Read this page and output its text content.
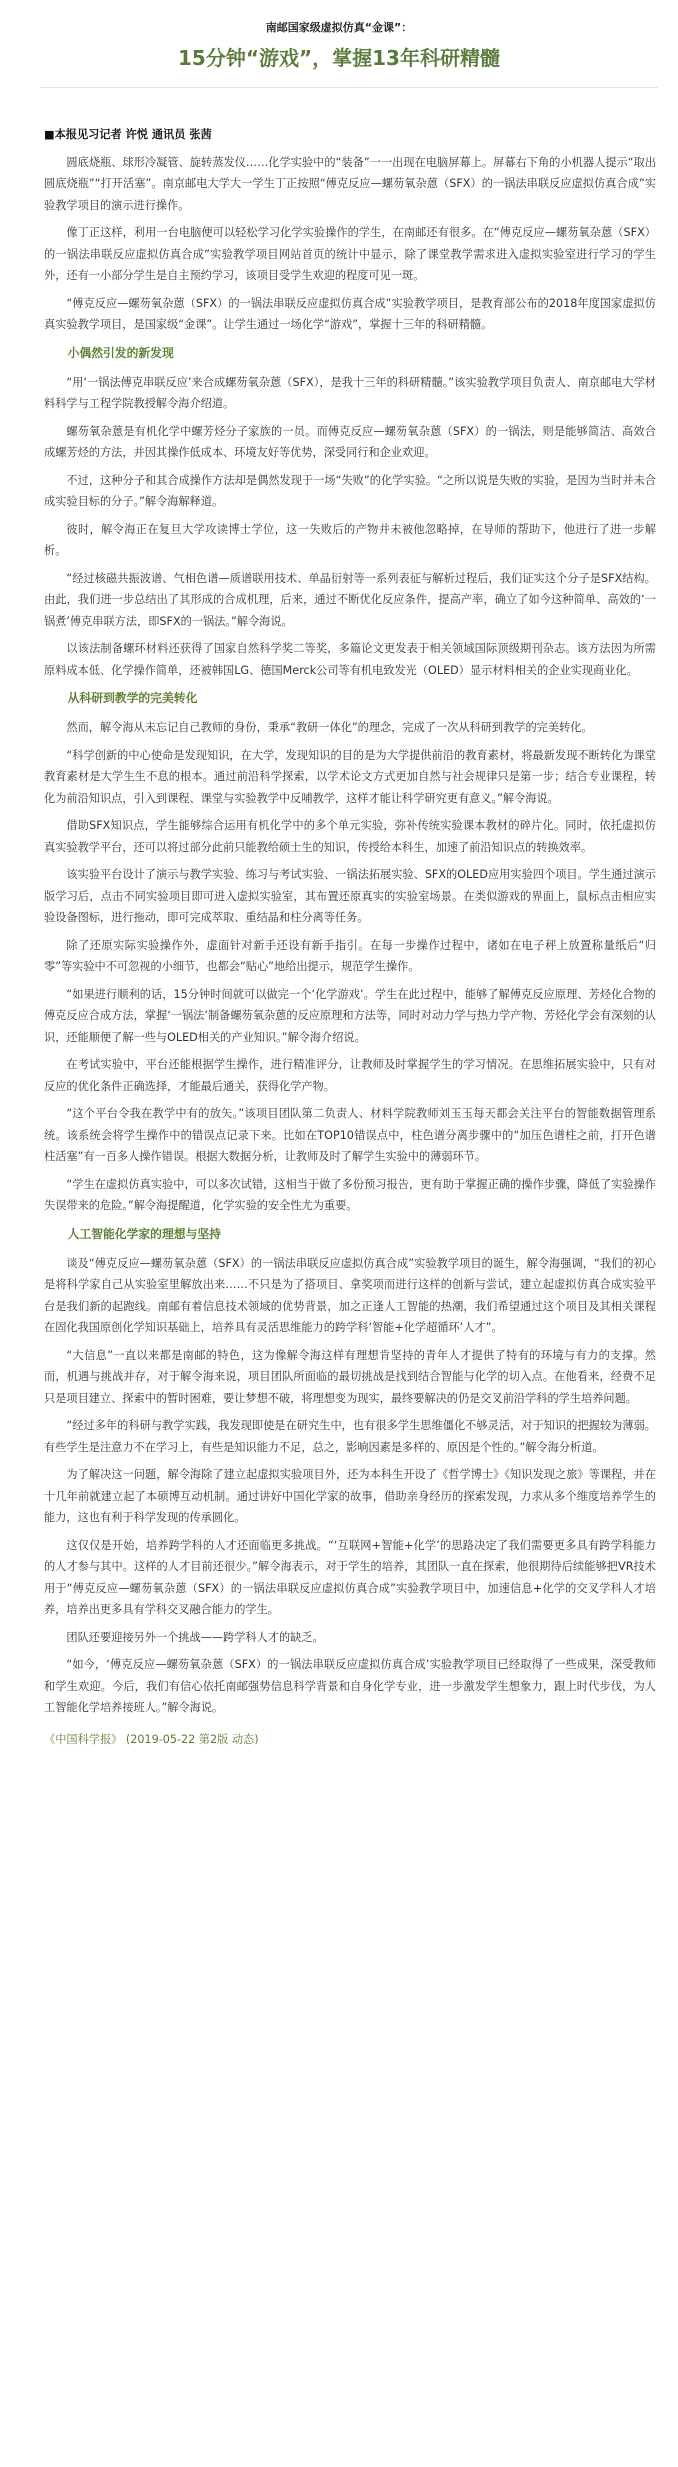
南邮国家级虚拟仿真“金课”：

15分钟“游戏”，掌握13年科研精髓

■本报见习记者 许悦 通讯员 张茜

圆底烧瓶、球形冷凝管、旋转蒸发仪……化学实验中的“装备”一一出现在电脑屏幕上。屏幕右下角的小机器人提示“取出圆底烧瓶”“打开活塞”。南京邮电大学大一学生丁正按照“傅克反应—螺芴氧杂蒽（SFX）的一锅法串联反应虚拟仿真合成”实验教学项目的演示进行操作。

像丁正这样，利用一台电脑便可以轻松学习化学实验操作的学生，在南邮还有很多。在“傅克反应—螺芴氧杂蒽（SFX）的一锅法串联反应虚拟仿真合成”实验教学项目网站首页的统计中显示，除了课堂教学需求进入虚拟实验室进行学习的学生外，还有一小部分学生是自主预约学习，该项目受学生欢迎的程度可见一斑。

“傅克反应—螺芴氧杂蒽（SFX）的一锅法串联反应虚拟仿真合成”实验教学项目，是教育部公布的2018年度国家虚拟仿真实验教学项目，是国家级“金课”。让学生通过一场化学“游戏”，掌握十三年的科研精髓。

小偶然引发的新发现

“用‘一锅法傅克串联反应’来合成螺芴氧杂蒽（SFX），是我十三年的科研精髓。”该实验教学项目负责人、南京邮电大学材料科学与工程学院教授解令海介绍道。

螺芴氧杂蒽是有机化学中螺芳烃分子家族的一员。而傅克反应—螺芴氧杂蒽（SFX）的一锅法，则是能够简洁、高效合成螺芳烃的方法，并因其操作低成本、环境友好等优势，深受同行和企业欢迎。

不过，这种分子和其合成操作方法却是偶然发现于一场“失败”的化学实验。“之所以说是失败的实验，是因为当时并未合成实验目标的分子。”解令海解释道。

彼时，解令海正在复旦大学攻读博士学位，这一失败后的产物并未被他忽略掉，在导师的帮助下，他进行了进一步解析。

“经过核磁共振波谱、气相色谱—质谱联用技术、单晶衍射等一系列表征与解析过程后，我们证实这个分子是SFX结构。由此，我们进一步总结出了其形成的合成机理，后来，通过不断优化反应条件，提高产率，确立了如今这种简单、高效的‘一锅煮’傅克串联方法，即SFX的一锅法。”解令海说。

以该法制备螺环材料还获得了国家自然科学奖二等奖，多篇论文更发表于相关领域国际顶级期刊杂志。该方法因为所需原料成本低、化学操作简单，还被韩国LG、德国Merck公司等有机电致发光（OLED）显示材料相关的企业实现商业化。

从科研到教学的完美转化

然而，解令海从未忘记自己教师的身份，秉承“教研一体化”的理念，完成了一次从科研到教学的完美转化。

“科学创新的中心使命是发现知识，在大学，发现知识的目的是为大学提供前沿的教育素材，将最新发现不断转化为课堂教育素材是大学生生不息的根本。通过前沿科学探索，以学术论文方式更加自然与社会规律只是第一步；结合专业课程，转化为前沿知识点，引入到课程、课堂与实验教学中反哺教学，这样才能让科学研究更有意义。”解令海说。

借助SFX知识点，学生能够综合运用有机化学中的多个单元实验，弥补传统实验课本教材的碎片化。同时，依托虚拟仿真实验教学平台，还可以将过部分此前只能教给硕士生的知识，传授给本科生，加速了前沿知识点的转换效率。

该实验平台设计了演示与教学实验、练习与考试实验、一锅法拓展实验、SFX的OLED应用实验四个项目。学生通过演示版学习后，点击不同实验项目即可进入虚拟实验室，其布置还原真实的实验室场景。在类似游戏的界面上，鼠标点击相应实验设备图标，进行拖动，即可完成萃取、重结晶和柱分离等任务。

除了还原实际实验操作外，虚面针对新手还设有新手指引。在每一步操作过程中，诸如在电子秤上放置称量纸后“归零”等实验中不可忽视的小细节，也都会“贴心”地给出提示，规范学生操作。

“如果进行顺利的话，15分钟时间就可以做完一个‘化学游戏’。学生在此过程中，能够了解傅克反应原理、芳烃化合物的傅克反应合成方法，掌握‘一锅法’制备螺芴氧杂蒽的反应原理和方法等，同时对动力学与热力学产物、芳烃化学会有深刻的认识，还能顺便了解一些与OLED相关的产业知识。”解令海介绍说。

在考试实验中，平台还能根据学生操作，进行精准评分，让教师及时掌握学生的学习情况。在思维拓展实验中，只有对反应的优化条件正确选择，才能最后通关，获得化学产物。

“这个平台令我在教学中有的放矢。”该项目团队第二负责人、材料学院教师刘玉玉每天都会关注平台的智能数据管理系统。该系统会将学生操作中的错误点记录下来。比如在TOP10错误点中，柱色谱分离步骤中的“加压色谱柱之前，打开色谱柱活塞”有一百多人操作错误。根据大数据分析，让教师及时了解学生实验中的薄弱环节。

“学生在虚拟仿真实验中，可以多次试错，这相当于做了多份预习报告，更有助于掌握正确的操作步骤，降低了实验操作失误带来的危险。”解令海提醒道，化学实验的安全性尤为重要。

人工智能化学家的理想与坚持

谈及“傅克反应—螺芴氧杂蒽（SFX）的一锅法串联反应虚拟仿真合成”实验教学项目的诞生，解令海强调，“我们的初心是将科学家自己从实验室里解放出来……不只是为了搭项目、拿奖项而进行这样的创新与尝试，建立起虚拟仿真合成实验平台是我们新的起跑线。南邮有着信息技术领域的优势背景，加之正逢人工智能的热潮，我们希望通过这个项目及其相关课程在固化我国原创化学知识基础上，培养具有灵活思维能力的跨学科‘智能+化学超循环’人才”。

“大信息”一直以来都是南邮的特色，这为像解令海这样有理想肯坚持的青年人才提供了特有的环境与有力的支撑。然而，机遇与挑战并存，对于解令海来说，项目团队所面临的最切挑战是找到结合智能与化学的切入点。在他看来，经费不足只是项目建立、探索中的暂时困难，要让梦想不破，将理想变为现实，最终要解决的仍是交叉前沿学科的学生培养问题。

“经过多年的科研与教学实践，我发现即使是在研究生中，也有很多学生思维僵化不够灵活，对于知识的把握较为薄弱。有些学生是注意力不在学习上，有些是知识能力不足，总之，影响因素是多样的、原因是个性的。”解令海分析道。

为了解决这一问题，解令海除了建立起虚拟实验项目外，还为本科生开设了《哲学博士》《知识发现之旅》等课程，并在十几年前就建立起了本硕博互动机制。通过讲好中国化学家的故事，借助亲身经历的探索发现，力求从多个维度培养学生的能力，这也有利于科学发现的传承圆化。

这仅仅是开始，培养跨学科的人才还面临更多挑战。“‘互联网+智能+化学’的思路决定了我们需要更多具有跨学科能力的人才参与其中。这样的人才目前还很少。”解令海表示，对于学生的培养，其团队一直在探索，他很期待后续能够把VR技术用于“傅克反应—螺芴氧杂蒽（SFX）的一锅法串联反应虚拟仿真合成”实验教学项目中，加速信息+化学的交叉学科人才培养，培养出更多具有学科交叉融合能力的学生。

团队还要迎接另外一个挑战——跨学科人才的缺乏。

“如今，‘傅克反应—螺芴氧杂蒽（SFX）的一锅法串联反应虚拟仿真合成’实验教学项目已经取得了一些成果，深受教师和学生欢迎。今后，我们有信心依托南邮强势信息科学背景和自身化学专业，进一步激发学生想象力，跟上时代步伐，为人工智能化学培养接班人。”解令海说。

《中国科学报》 (2019-05-22 第2版 动态)
